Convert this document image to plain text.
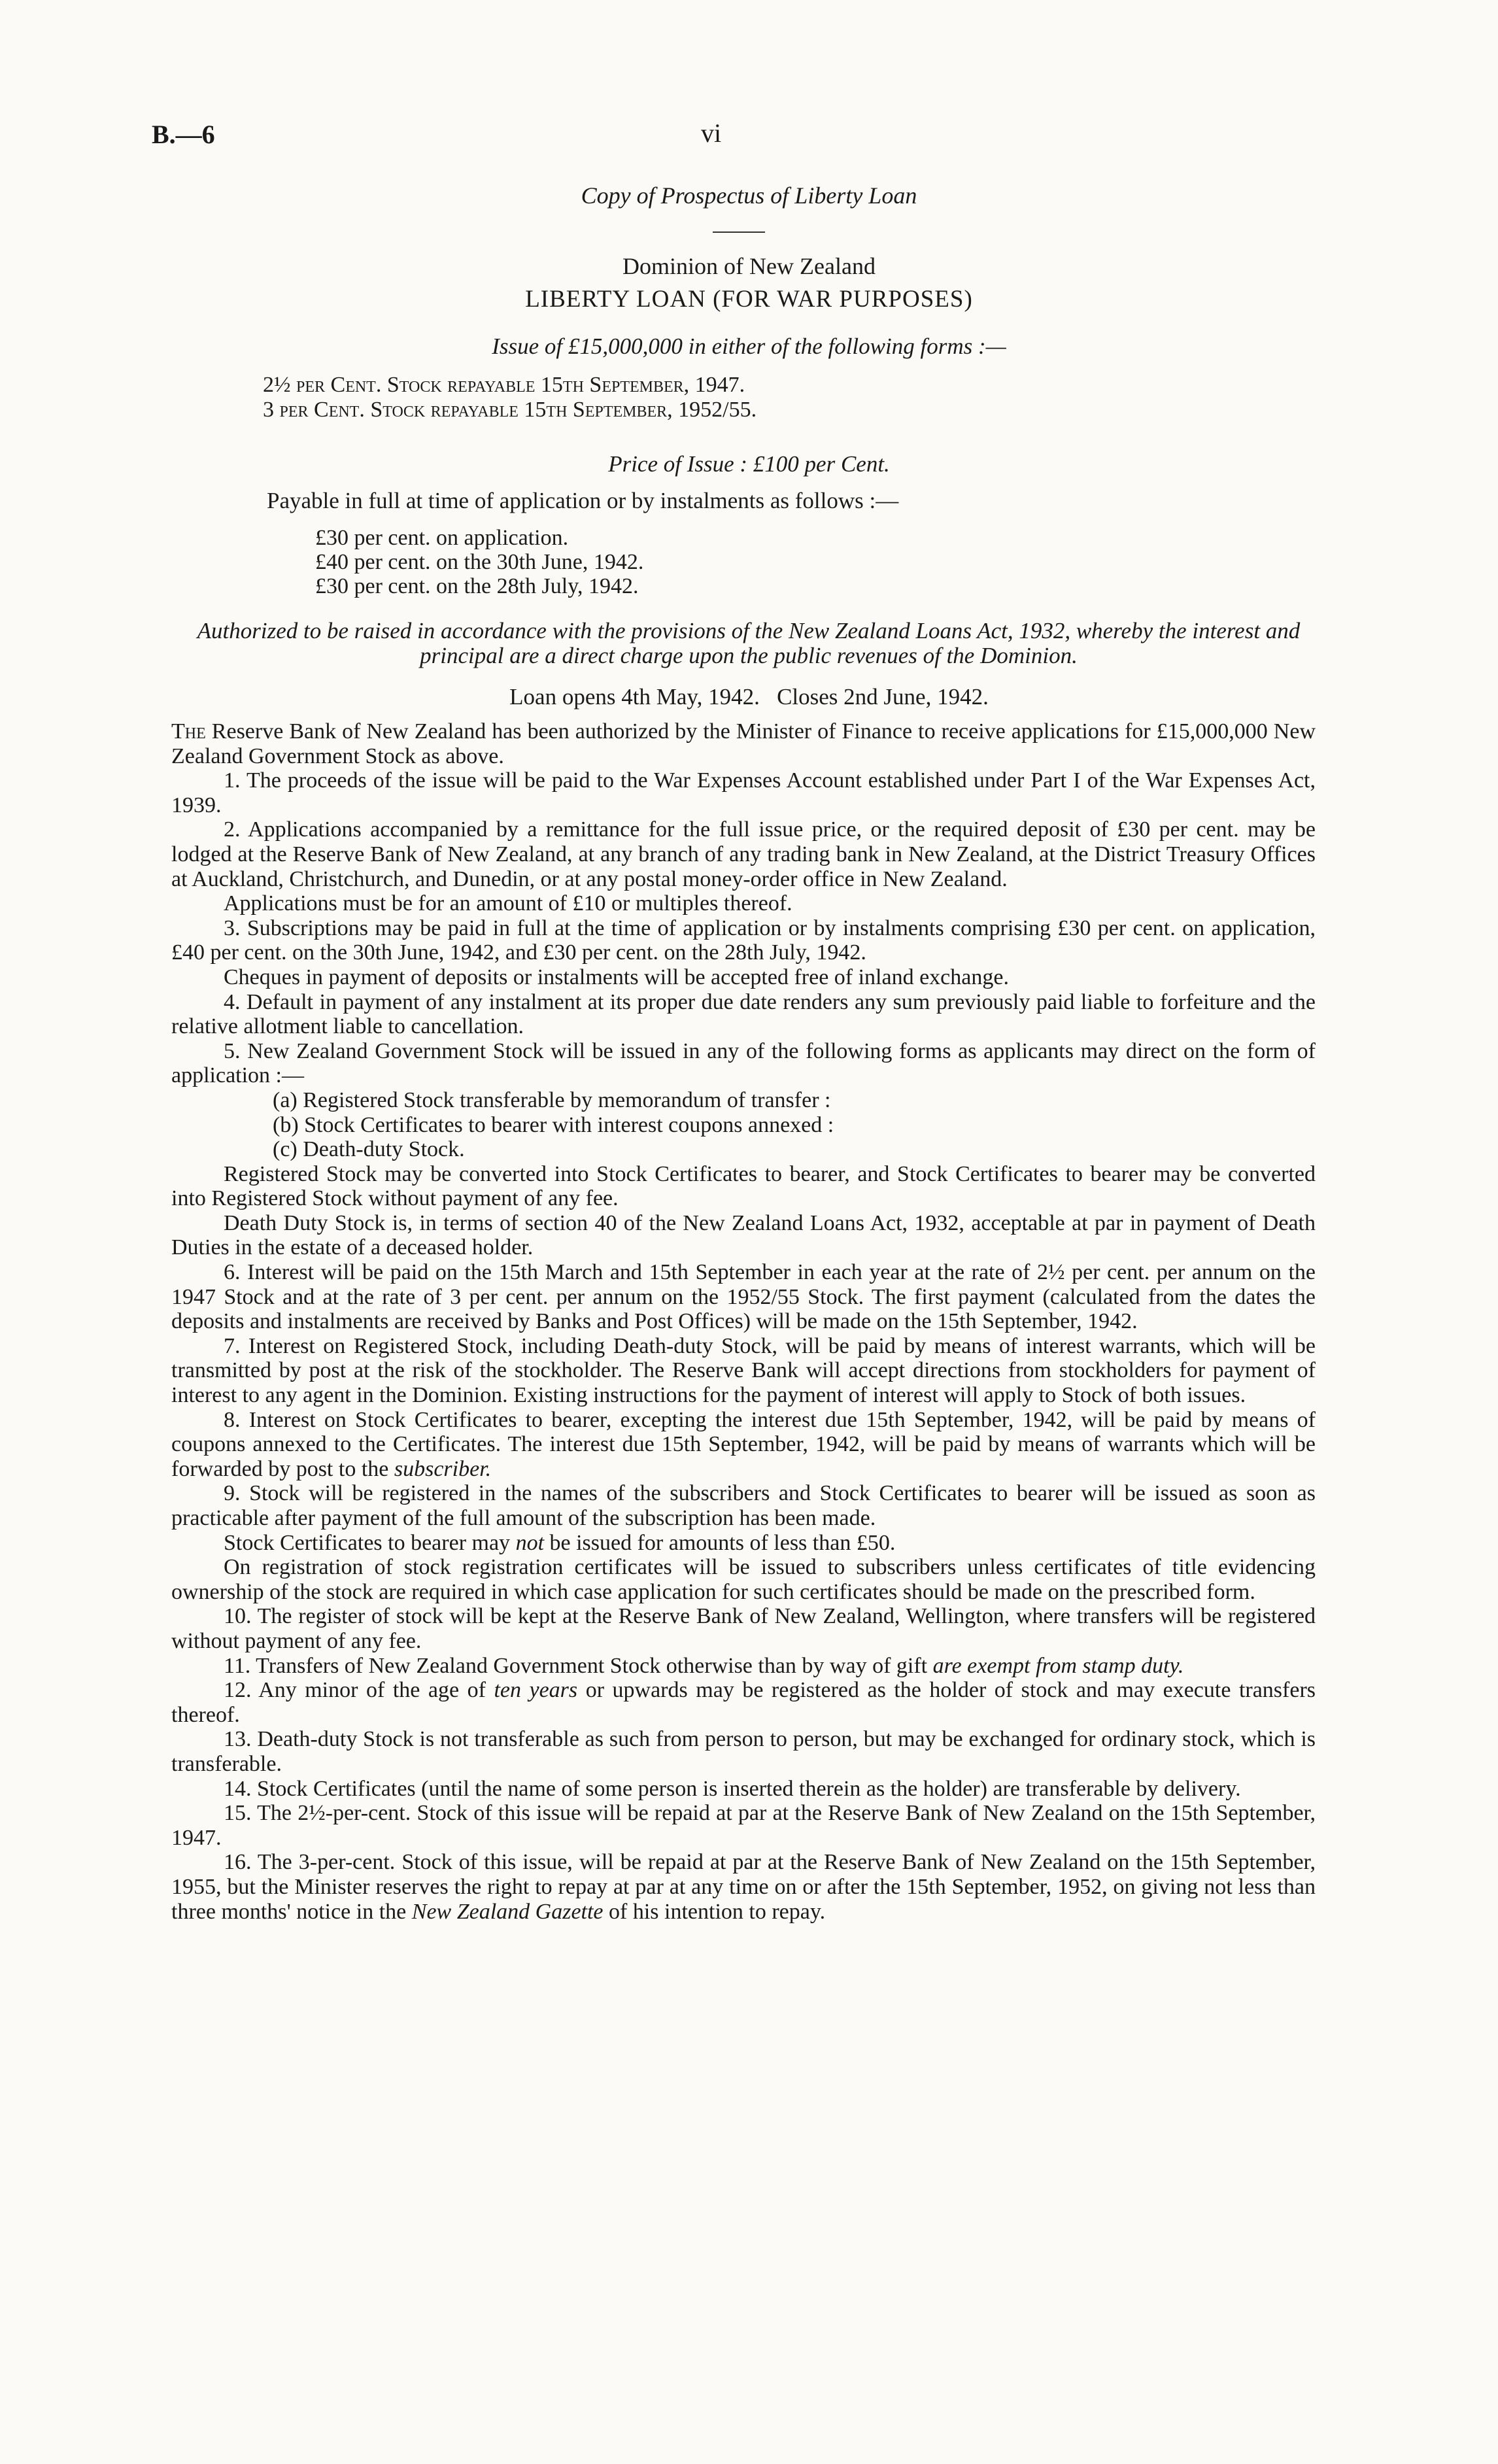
B.—6	vi
Copy of Prospectus of Liberty Loan
Dominion of New Zealand
LIBERTY LOAN (FOR WAR PURPOSES)
Issue of £15,000,000 in either of the following forms :—
2½ per Cent. Stock repayable 15th September, 1947.
3 per Cent. Stock repayable 15th September, 1952/55.
Price of Issue : £100 per Cent.
Payable in full at time of application or by instalments as follows :—
£30 per cent. on application.
£40 per cent. on the 30th June, 1942.
£30 per cent. on the 28th July, 1942.
Authorized to be raised in accordance with the provisions of the New Zealand Loans Act, 1932, whereby the interest and principal are a direct charge upon the public revenues of the Dominion.
Loan opens 4th May, 1942.   Closes 2nd June, 1942.

The Reserve Bank of New Zealand has been authorized by the Minister of Finance to receive applications for £15,000,000 New Zealand Government Stock as above.

1. The proceeds of the issue will be paid to the War Expenses Account established under Part I of the War Expenses Act, 1939.

2. Applications accompanied by a remittance for the full issue price, or the required deposit of £30 per cent. may be lodged at the Reserve Bank of New Zealand, at any branch of any trading bank in New Zealand, at the District Treasury Offices at Auckland, Christchurch, and Dunedin, or at any postal money-order office in New Zealand.

Applications must be for an amount of £10 or multiples thereof.

3. Subscriptions may be paid in full at the time of application or by instalments comprising £30 per cent. on application, £40 per cent. on the 30th June, 1942, and £30 per cent. on the 28th July, 1942.

Cheques in payment of deposits or instalments will be accepted free of inland exchange.

4. Default in payment of any instalment at its proper due date renders any sum previously paid liable to forfeiture and the relative allotment liable to cancellation.

5. New Zealand Government Stock will be issued in any of the following forms as applicants may direct on the form of application :—

(a) Registered Stock transferable by memorandum of transfer :

(b) Stock Certificates to bearer with interest coupons annexed :

(c) Death-duty Stock.

Registered Stock may be converted into Stock Certificates to bearer, and Stock Certificates to bearer may be converted into Registered Stock without payment of any fee.

Death Duty Stock is, in terms of section 40 of the New Zealand Loans Act, 1932, acceptable at par in payment of Death Duties in the estate of a deceased holder.

6. Interest will be paid on the 15th March and 15th September in each year at the rate of 2½ per cent. per annum on the 1947 Stock and at the rate of 3 per cent. per annum on the 1952/55 Stock. The first payment (calculated from the dates the deposits and instalments are received by Banks and Post Offices) will be made on the 15th September, 1942.

7. Interest on Registered Stock, including Death-duty Stock, will be paid by means of interest warrants, which will be transmitted by post at the risk of the stockholder. The Reserve Bank will accept directions from stockholders for payment of interest to any agent in the Dominion. Existing instructions for the payment of interest will apply to Stock of both issues.

8. Interest on Stock Certificates to bearer, excepting the interest due 15th September, 1942, will be paid by means of coupons annexed to the Certificates. The interest due 15th September, 1942, will be paid by means of warrants which will be forwarded by post to the subscriber.

9. Stock will be registered in the names of the subscribers and Stock Certificates to bearer will be issued as soon as practicable after payment of the full amount of the subscription has been made.

Stock Certificates to bearer may not be issued for amounts of less than £50.

On registration of stock registration certificates will be issued to subscribers unless certificates of title evidencing ownership of the stock are required in which case application for such certificates should be made on the prescribed form.

10. The register of stock will be kept at the Reserve Bank of New Zealand, Wellington, where transfers will be registered without payment of any fee.

11. Transfers of New Zealand Government Stock otherwise than by way of gift are exempt from stamp duty.

12. Any minor of the age of ten years or upwards may be registered as the holder of stock and may execute transfers thereof.

13. Death-duty Stock is not transferable as such from person to person, but may be exchanged for ordinary stock, which is transferable.

14. Stock Certificates (until the name of some person is inserted therein as the holder) are transferable by delivery.

15. The 2½-per-cent. Stock of this issue will be repaid at par at the Reserve Bank of New Zealand on the 15th September, 1947.

16. The 3-per-cent. Stock of this issue, will be repaid at par at the Reserve Bank of New Zealand on the 15th September, 1955, but the Minister reserves the right to repay at par at any time on or after the 15th September, 1952, on giving not less than three months' notice in the New Zealand Gazette of his intention to repay.
